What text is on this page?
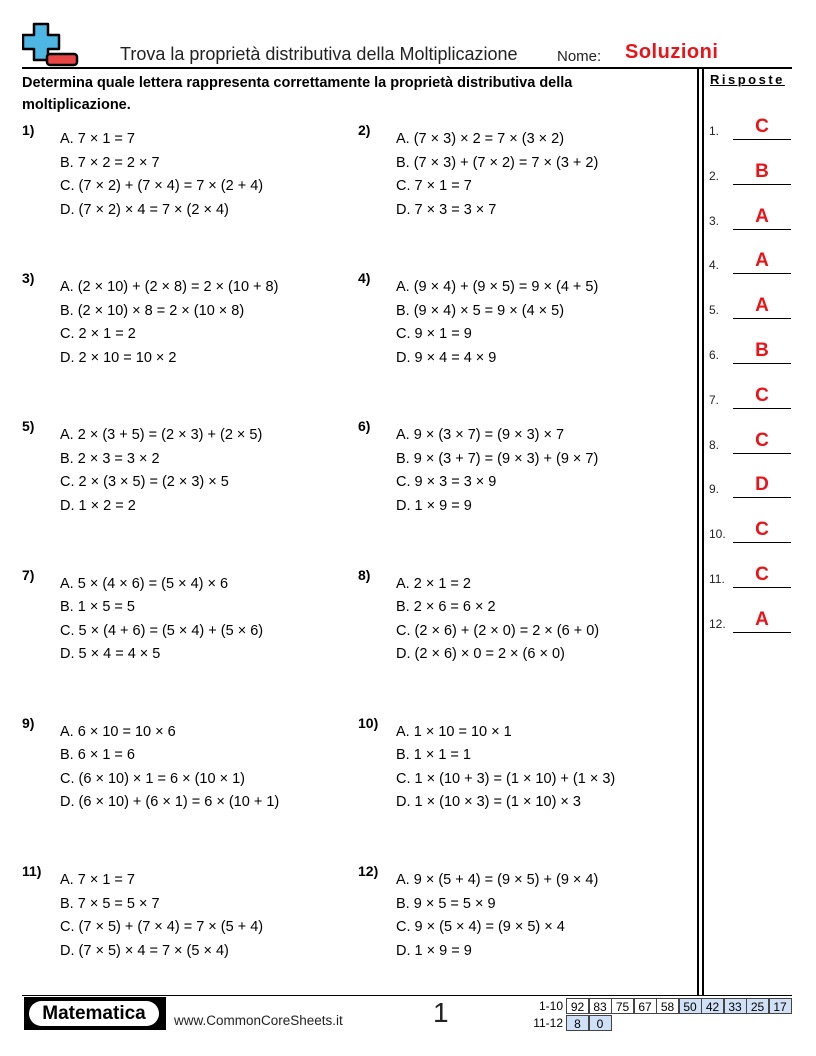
Trova la proprietà distributiva della Moltiplicazione	Nome: Soluzioni
Determina quale lettera rappresenta correttamente la proprietà distributiva della moltiplicazione.
Risposte
1.	C
2.	B
3.	A
4.	A
5.	A
6.	B
7.	C
8.	C
9.	D
10.	C
11.	C
12.	A
1)
A. 7 × 1 = 7
B. 7 × 2 = 2 × 7
C. (7 × 2) + (7 × 4) = 7 × (2 + 4)
D. (7 × 2) × 4 = 7 × (2 × 4)
2)
A. (7 × 3) × 2 = 7 × (3 × 2)
B. (7 × 3) + (7 × 2) = 7 × (3 + 2)
C. 7 × 1 = 7
D. 7 × 3 = 3 × 7
3)
A. (2 × 10) + (2 × 8) = 2 × (10 + 8)
B. (2 × 10) × 8 = 2 × (10 × 8)
C. 2 × 1 = 2
D. 2 × 10 = 10 × 2
4)
A. (9 × 4) + (9 × 5) = 9 × (4 + 5)
B. (9 × 4) × 5 = 9 × (4 × 5)
C. 9 × 1 = 9
D. 9 × 4 = 4 × 9
5)
A. 2 × (3 + 5) = (2 × 3) + (2 × 5)
B. 2 × 3 = 3 × 2
C. 2 × (3 × 5) = (2 × 3) × 5
D. 1 × 2 = 2
6)
A. 9 × (3 × 7) = (9 × 3) × 7
B. 9 × (3 + 7) = (9 × 3) + (9 × 7)
C. 9 × 3 = 3 × 9
D. 1 × 9 = 9
7)
A. 5 × (4 × 6) = (5 × 4) × 6
B. 1 × 5 = 5
C. 5 × (4 + 6) = (5 × 4) + (5 × 6)
D. 5 × 4 = 4 × 5
8)
A. 2 × 1 = 2
B. 2 × 6 = 6 × 2
C. (2 × 6) + (2 × 0) = 2 × (6 + 0)
D. (2 × 6) × 0 = 2 × (6 × 0)
9)
A. 6 × 10 = 10 × 6
B. 6 × 1 = 6
C. (6 × 10) × 1 = 6 × (10 × 1)
D. (6 × 10) + (6 × 1) = 6 × (10 + 1)
10)
A. 1 × 10 = 10 × 1
B. 1 × 1 = 1
C. 1 × (10 + 3) = (1 × 10) + (1 × 3)
D. 1 × (10 × 3) = (1 × 10) × 3
11)
A. 7 × 1 = 7
B. 7 × 5 = 5 × 7
C. (7 × 5) + (7 × 4) = 7 × (5 + 4)
D. (7 × 5) × 4 = 7 × (5 × 4)
12)
A. 9 × (5 + 4) = (9 × 5) + (9 × 4)
B. 9 × 5 = 5 × 9
C. 9 × (5 × 4) = (9 × 5) × 4
D. 1 × 9 = 9
Matematica	www.CommonCoreSheets.it	1	1-10 92 83 75 67 58 50 42 33 25 17
11-12 8	0
